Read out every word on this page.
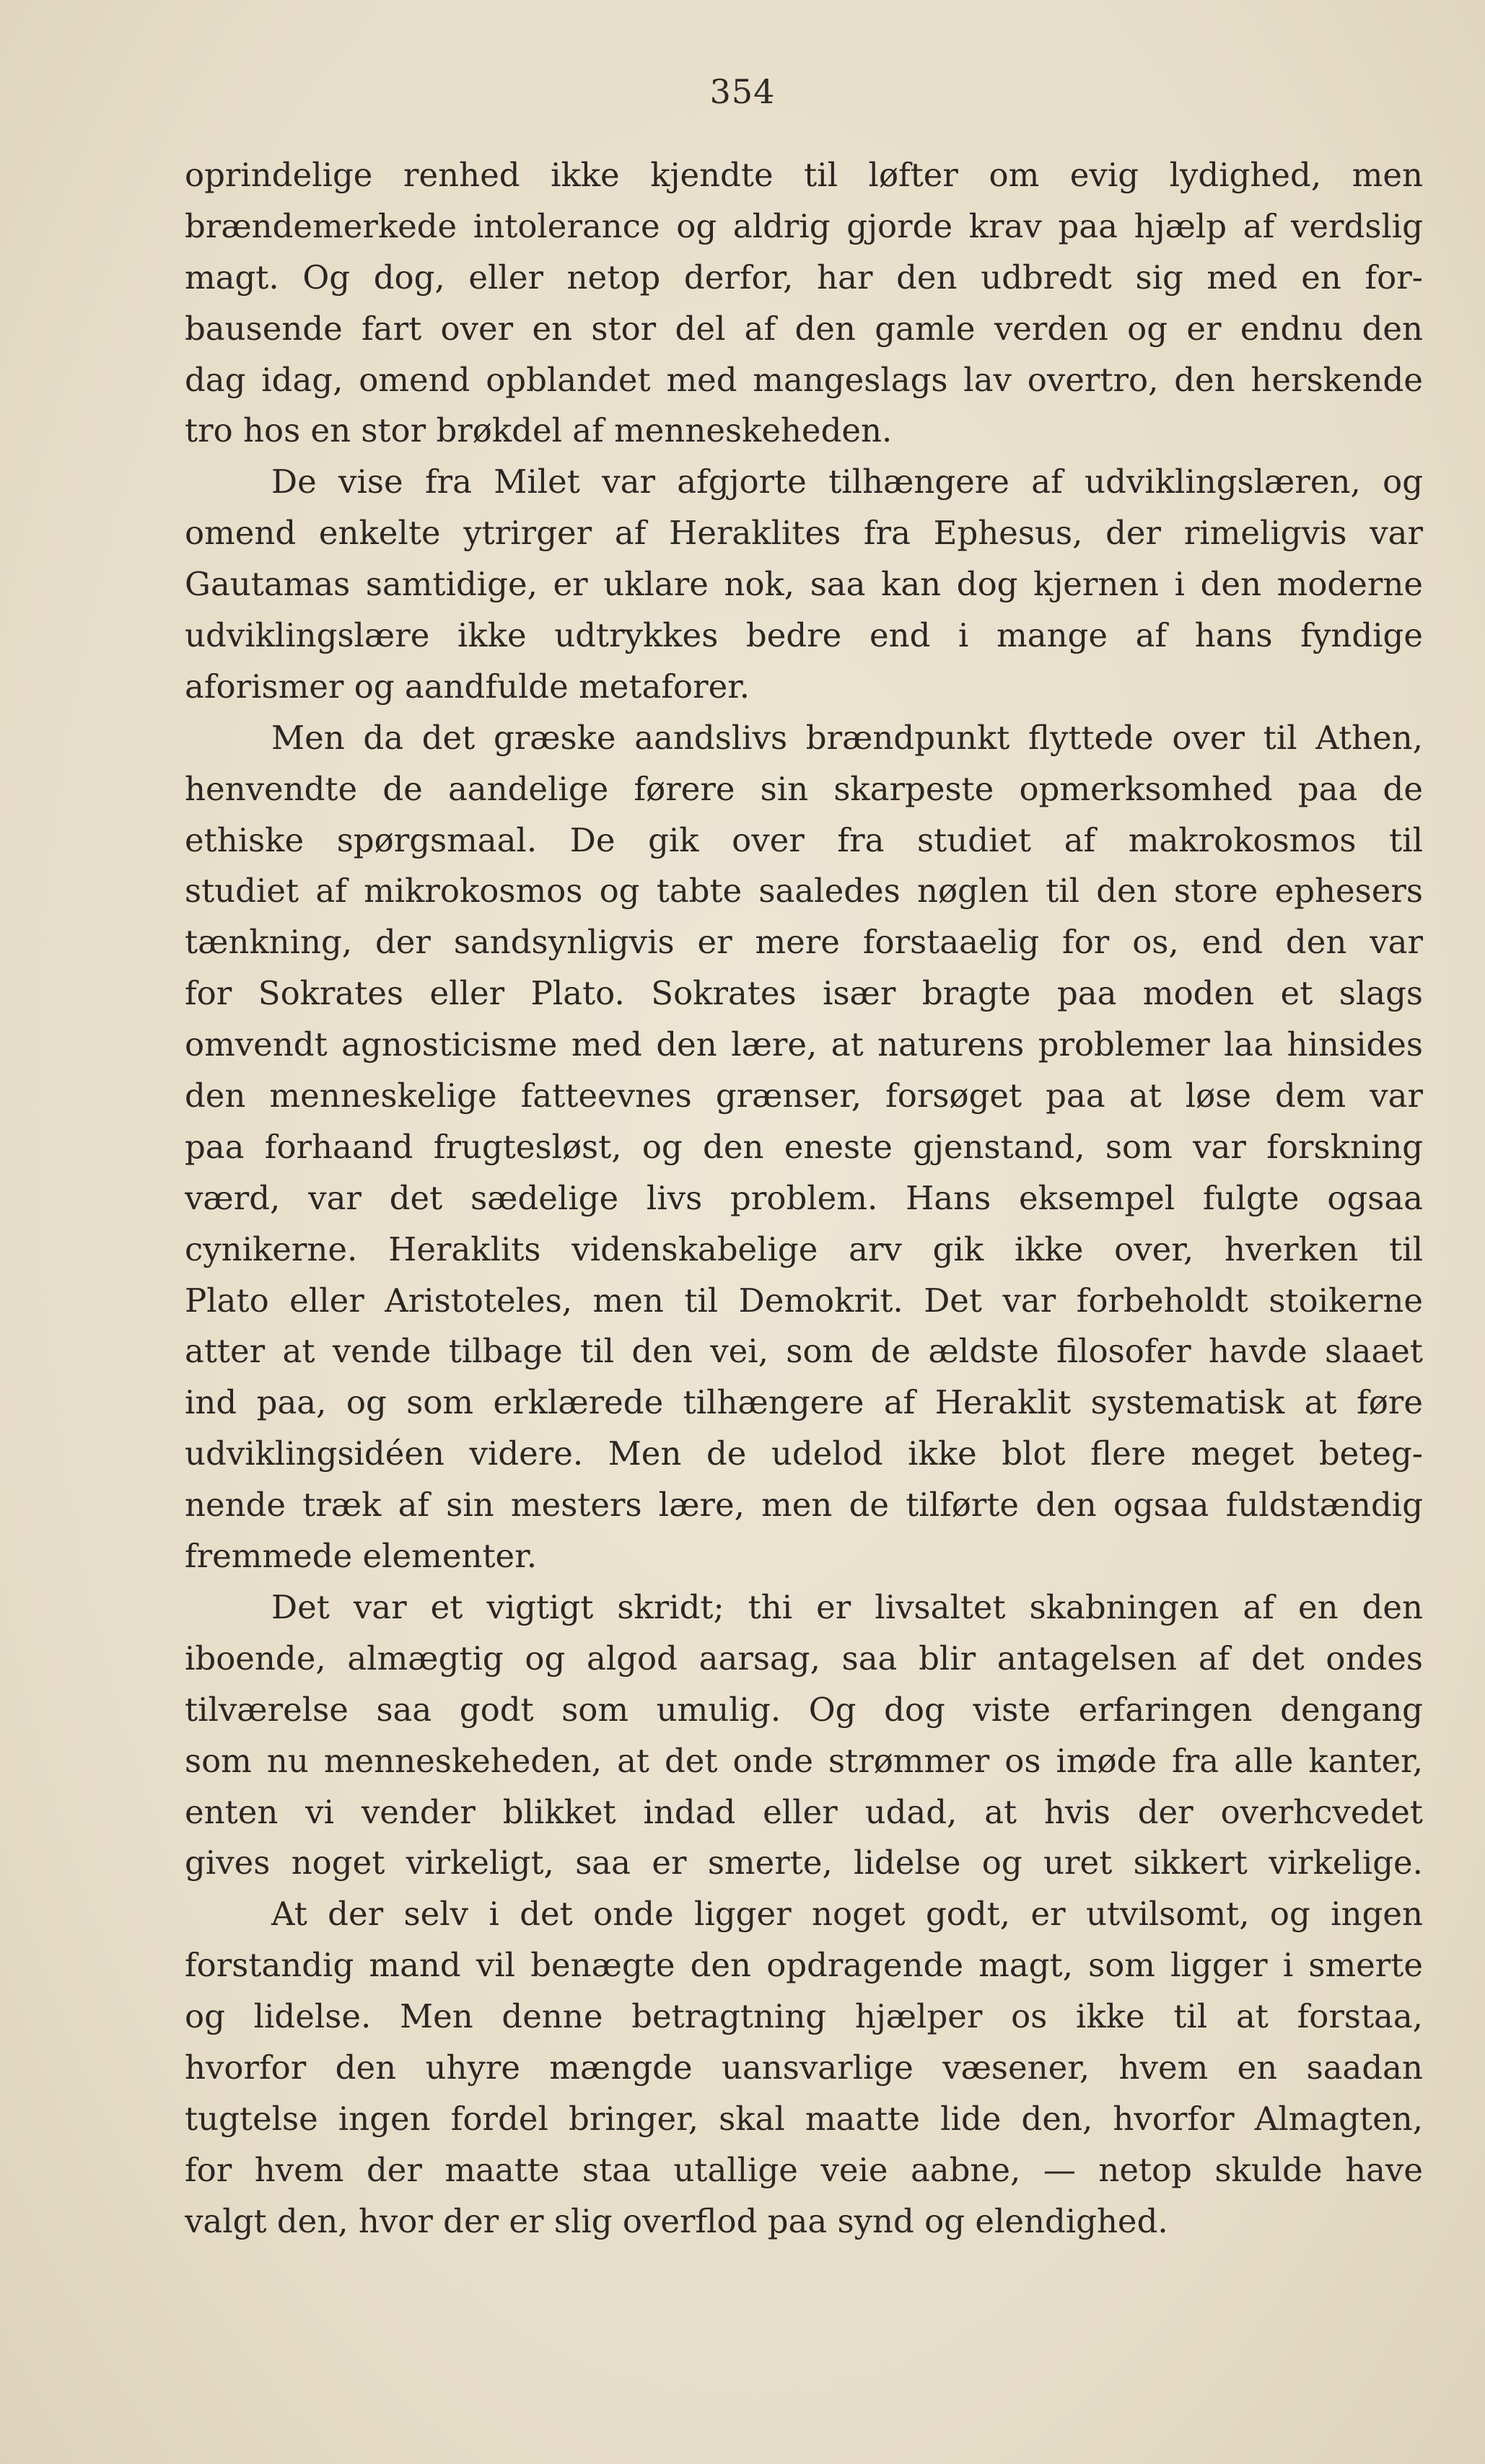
354
oprindelige renhed ikke kjendte til løfter om evig lydighed, men
brændemerkede intolerance og aldrig gjorde krav paa hjælp af verdslig
magt. Og dog, eller netop derfor, har den udbredt sig med en for-
bausende fart over en stor del af den gamle verden og er endnu den
dag idag, omend opblandet med mangeslags lav overtro, den herskende
tro hos en stor brøkdel af menneskeheden.
De vise fra Milet var afgjorte tilhængere af udviklingslæren, og
omend enkelte ytrirger af Heraklites fra Ephesus, der rimeligvis var
Gautamas samtidige, er uklare nok, saa kan dog kjernen i den moderne
udviklingslære ikke udtrykkes bedre end i mange af hans fyndige
aforismer og aandfulde metaforer.
Men da det græske aandslivs brændpunkt flyttede over til Athen,
henvendte de aandelige førere sin skarpeste opmerksomhed paa de
ethiske spørgsmaal. De gik over fra studiet af makrokosmos til
studiet af mikrokosmos og tabte saaledes nøglen til den store ephesers
tænkning, der sandsynligvis er mere forstaaelig for os, end den var
for Sokrates eller Plato. Sokrates især bragte paa moden et slags
omvendt agnosticisme med den lære, at naturens problemer laa hinsides
den menneskelige fatteevnes grænser, forsøget paa at løse dem var
paa forhaand frugtesløst, og den eneste gjenstand, som var forskning
værd, var det sædelige livs problem. Hans eksempel fulgte ogsaa
cynikerne. Heraklits videnskabelige arv gik ikke over, hverken til
Plato eller Aristoteles, men til Demokrit. Det var forbeholdt stoikerne
atter at vende tilbage til den vei, som de ældste filosofer havde slaaet
ind paa, og som erklærede tilhængere af Heraklit systematisk at føre
udviklingsidéen videre. Men de udelod ikke blot flere meget beteg-
nende træk af sin mesters lære, men de tilførte den ogsaa fuldstændig
fremmede elementer.
Det var et vigtigt skridt; thi er livsaltet skabningen af en den
iboende, almægtig og algod aarsag, saa blir antagelsen af det ondes
tilværelse saa godt som umulig. Og dog viste erfaringen dengang
som nu menneskeheden, at det onde strømmer os imøde fra alle kanter,
enten vi vender blikket indad eller udad, at hvis der overhcvedet
gives noget virkeligt, saa er smerte, lidelse og uret sikkert virkelige.
At der selv i det onde ligger noget godt, er utvilsomt, og ingen
forstandig mand vil benægte den opdragende magt, som ligger i smerte
og lidelse. Men denne betragtning hjælper os ikke til at forstaa,
hvorfor den uhyre mængde uansvarlige væsener, hvem en saadan
tugtelse ingen fordel bringer, skal maatte lide den, hvorfor Almagten,
for hvem der maatte staa utallige veie aabne, — netop skulde have
valgt den, hvor der er slig overflod paa synd og elendighed.
